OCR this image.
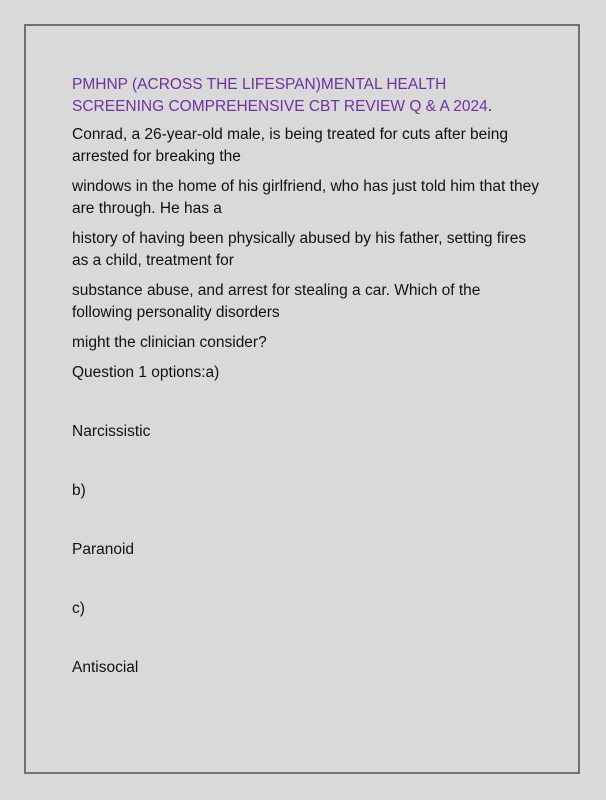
PMHNP (ACROSS THE LIFESPAN)MENTAL HEALTH SCREENING COMPREHENSIVE CBT REVIEW Q & A 2024.

Conrad, a 26-year-old male, is being treated for cuts after being arrested for breaking the

windows in the home of his girlfriend, who has just told him that they are through. He has a

history of having been physically abused by his father, setting fires as a child, treatment for

substance abuse, and arrest for stealing a car. Which of the following personality disorders

might the clinician consider?

Question 1 options:a)

Narcissistic

b)

Paranoid

c)

Antisocial
